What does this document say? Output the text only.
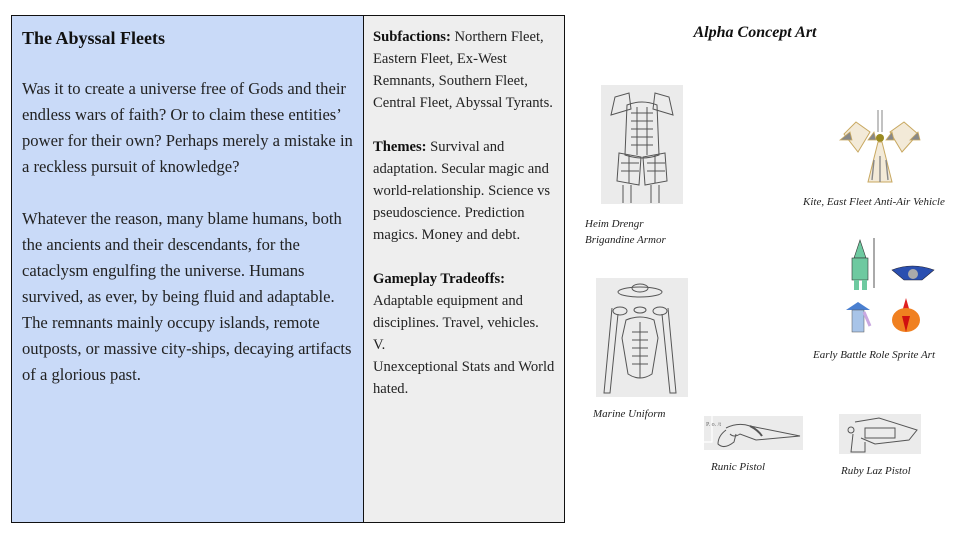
The Abyssal Fleets

Was it to create a universe free of Gods and their endless wars of faith? Or to claim these entities’ power for their own? Perhaps merely a mistake in a reckless pursuit of knowledge?

Whatever the reason, many blame humans, both the ancients and their descendants, for the cataclysm engulfing the universe. Humans survived, as ever, by being fluid and adaptable. The remnants mainly occupy islands, remote outposts, or massive city-ships, decaying artifacts of a glorious past.

Subfactions: Northern Fleet, Eastern Fleet, Ex-West Remnants, Southern Fleet, Central Fleet, Abyssal Tyrants.
Themes: Survival and adaptation. Secular magic and world-relationship. Science vs pseudoscience. Prediction magics. Money and debt.
Gameplay Tradeoffs:
Adaptable equipment and disciplines. Travel, vehicles.
V.
Unexceptional Stats and World hated.
Alpha Concept Art
Heim Drengr
Brigandine Armor
Kite, East Fleet Anti-Air Vehicle
Early Battle Role Sprite Art
Marine Uniform
P. o. /t
Runic Pistol	Ruby Laz Pistol
